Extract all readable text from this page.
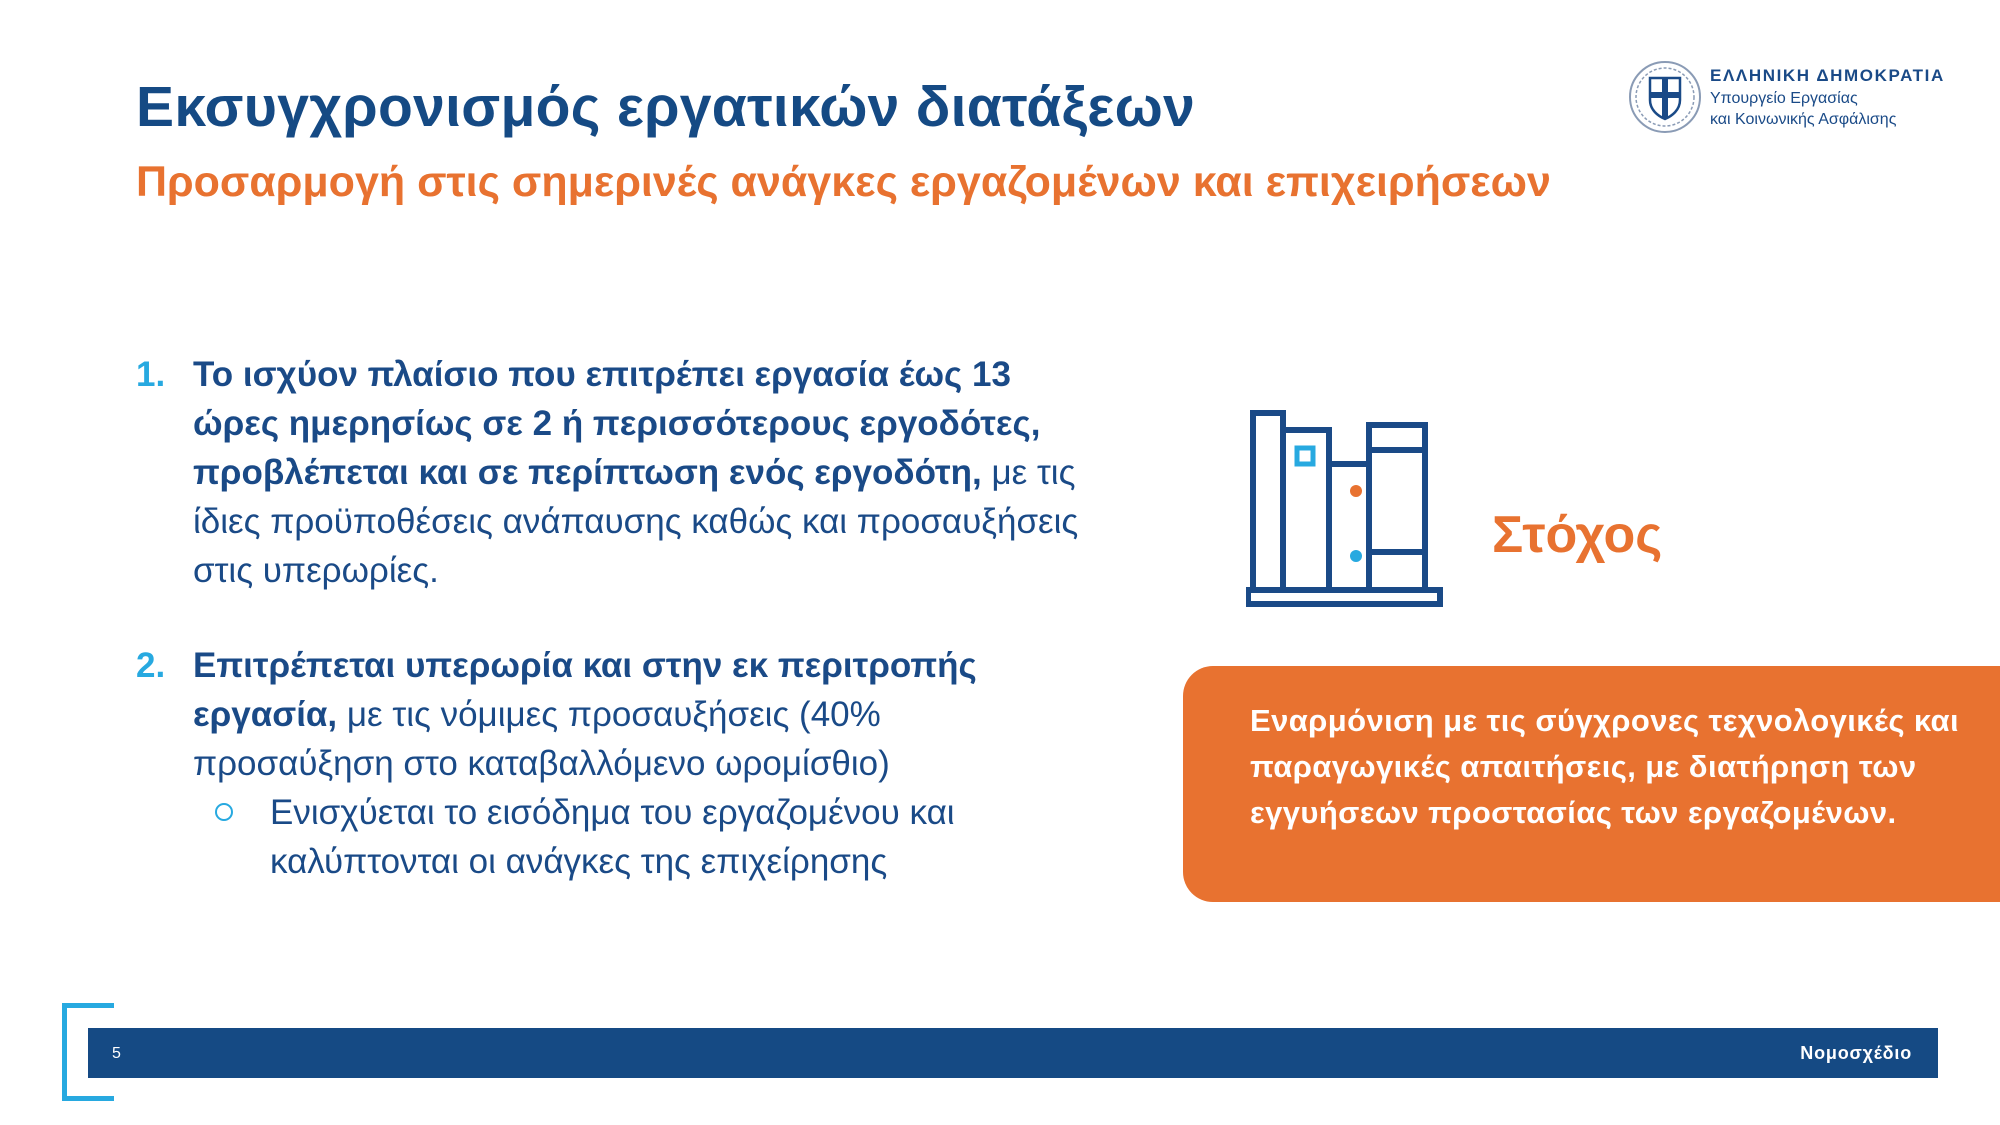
Εκσυγχρονισμός εργατικών διατάξεων
Προσαρμογή στις σημερινές ανάγκες εργαζομένων και επιχειρήσεων
ΕΛΛΗΝΙΚΗ ΔΗΜΟΚΡΑΤΙΑ
Υπουργείο Εργασίας
και Κοινωνικής Ασφάλισης
1. Το ισχύον πλαίσιο που επιτρέπει εργασία έως 13 ώρες ημερησίως σε 2 ή περισσότερους εργοδότες, προβλέπεται και σε περίπτωση ενός εργοδότη, με τις ίδιες προϋποθέσεις ανάπαυσης καθώς και προσαυξήσεις στις υπερωρίες.
2. Επιτρέπεται υπερωρία και στην εκ περιτροπής εργασία, με τις νόμιμες προσαυξήσεις (40% προσαύξηση στο καταβαλλόμενο ωρομίσθιο)
Ενισχύεται το εισόδημα του εργαζομένου και καλύπτονται οι ανάγκες της επιχείρησης
Στόχος
Εναρμόνιση με τις σύγχρονες τεχνολογικές και παραγωγικές απαιτήσεις, με διατήρηση των εγγυήσεων προστασίας των εργαζομένων.
5	Νομοσχέδιο
